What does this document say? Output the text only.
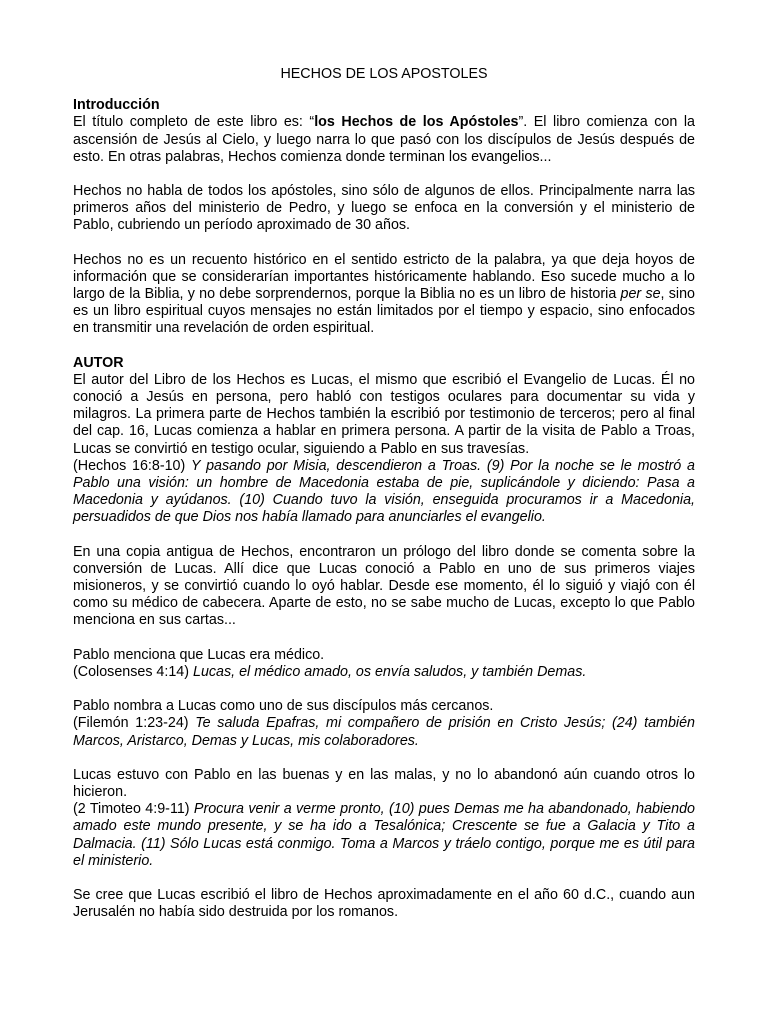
HECHOS DE LOS APOSTOLES
Introducción

El título completo de este libro es: “los Hechos de los Apóstoles”. El libro comienza con la ascensión de Jesús al Cielo, y luego narra lo que pasó con los discípulos de Jesús después de esto. En otras palabras, Hechos comienza donde terminan los evangelios...

Hechos no habla de todos los apóstoles, sino sólo de algunos de ellos. Principalmente narra las primeros años del ministerio de Pedro, y luego se enfoca en la conversión y el ministerio de Pablo, cubriendo un período aproximado de 30 años.

Hechos no es un recuento histórico en el sentido estricto de la palabra, ya que deja hoyos de información que se considerarían importantes históricamente hablando. Eso sucede mucho a lo largo de la Biblia, y no debe sorprendernos, porque la Biblia no es un libro de historia per se, sino es un libro espiritual cuyos mensajes no están limitados por el tiempo y espacio, sino enfocados en transmitir una revelación de orden espiritual.

AUTOR

El autor del Libro de los Hechos es Lucas, el mismo que escribió el Evangelio de Lucas. Él no conoció a Jesús en persona, pero habló con testigos oculares para documentar su vida y milagros. La primera parte de Hechos también la escribió por testimonio de terceros; pero al final del cap. 16, Lucas comienza a hablar en primera persona. A partir de la visita de Pablo a Troas, Lucas se convirtió en testigo ocular, siguiendo a Pablo en sus travesías.

(Hechos 16:8-10) Y pasando por Misia, descendieron a Troas. (9) Por la noche se le mostró a Pablo una visión: un hombre de Macedonia estaba de pie, suplicándole y diciendo: Pasa a Macedonia y ayúdanos. (10) Cuando tuvo la visión, enseguida procuramos ir a Macedonia, persuadidos de que Dios nos había llamado para anunciarles el evangelio.

En una copia antigua de Hechos, encontraron un prólogo del libro donde se comenta sobre la conversión de Lucas. Allí dice que Lucas conoció a Pablo en uno de sus primeros viajes misioneros, y se convirtió cuando lo oyó hablar. Desde ese momento, él lo siguió y viajó con él como su médico de cabecera. Aparte de esto, no se sabe mucho de Lucas, excepto lo que Pablo menciona en sus cartas...

Pablo menciona que Lucas era médico.

(Colosenses 4:14) Lucas, el médico amado, os envía saludos, y también Demas.

Pablo nombra a Lucas como uno de sus discípulos más cercanos.

(Filemón 1:23-24) Te saluda Epafras, mi compañero de prisión en Cristo Jesús; (24) también Marcos, Aristarco, Demas y Lucas, mis colaboradores.

Lucas estuvo con Pablo en las buenas y en las malas, y no lo abandonó aún cuando otros lo hicieron.

(2 Timoteo 4:9-11) Procura venir a verme pronto, (10) pues Demas me ha abandonado, habiendo amado este mundo presente, y se ha ido a Tesalónica; Crescente se fue a Galacia y Tito a Dalmacia. (11) Sólo Lucas está conmigo. Toma a Marcos y tráelo contigo, porque me es útil para el ministerio.

Se cree que Lucas escribió el libro de Hechos aproximadamente en el año 60 d.C., cuando aun Jerusalén no había sido destruida por los romanos.
